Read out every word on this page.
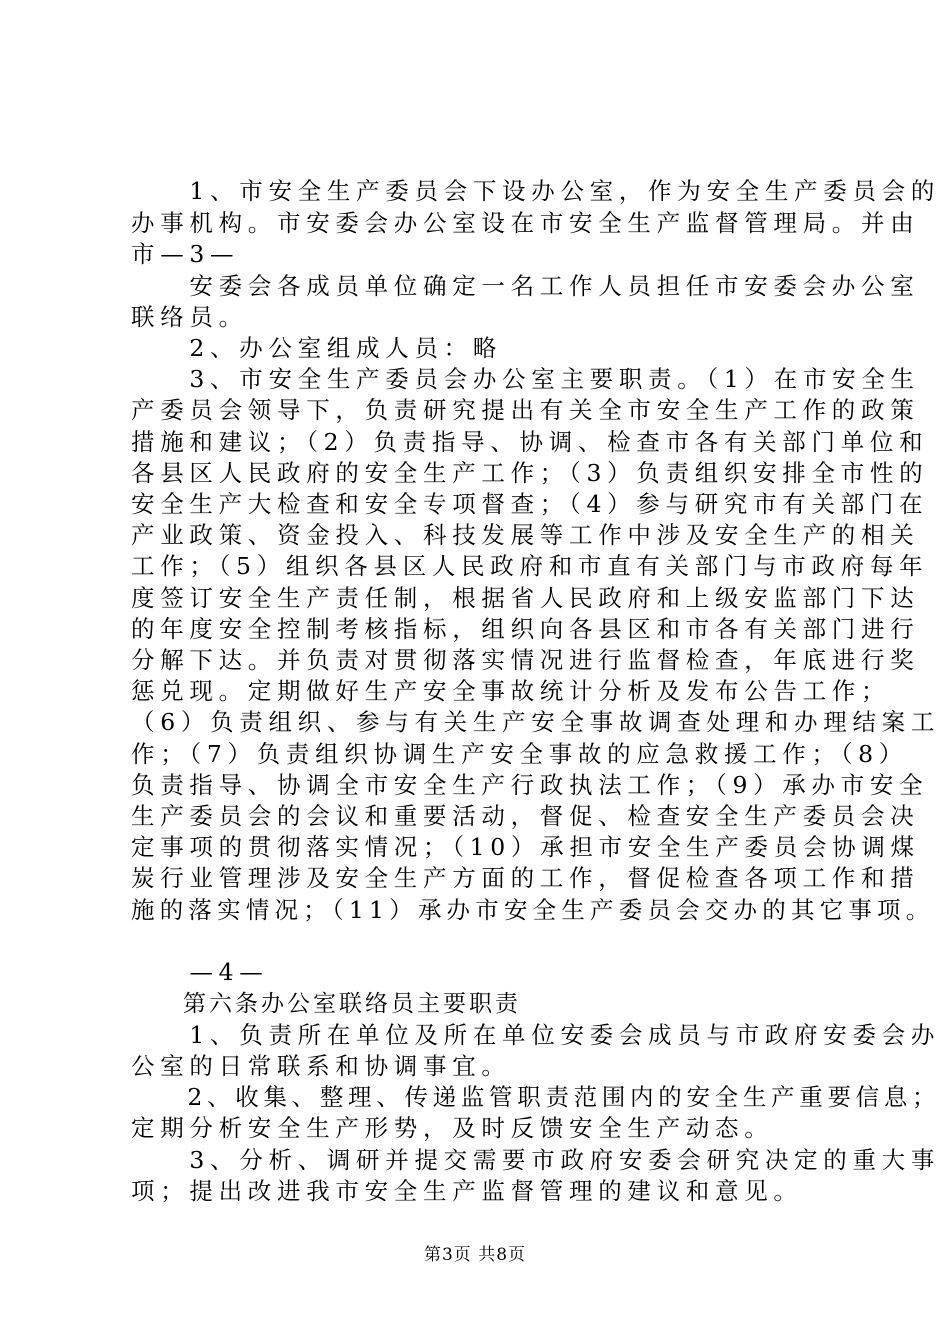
　　1、市安全生产委员会下设办公室，作为安全生产委员会的
办事机构。市安委会办公室设在市安全生产监督管理局。并由
市—3—
　　安委会各成员单位确定一名工作人员担任市安委会办公室
联络员。
　　2、办公室组成人员：略
　　3、市安全生产委员会办公室主要职责。（1）在市安全生
产委员会领导下，负责研究提出有关全市安全生产工作的政策
措施和建议；（2）负责指导、协调、检查市各有关部门单位和
各县区人民政府的安全生产工作；（3）负责组织安排全市性的
安全生产大检查和安全专项督查；（4）参与研究市有关部门在
产业政策、资金投入、科技发展等工作中涉及安全生产的相关
工作；（5）组织各县区人民政府和市直有关部门与市政府每年
度签订安全生产责任制，根据省人民政府和上级安监部门下达
的年度安全控制考核指标，组织向各县区和市各有关部门进行
分解下达。并负责对贯彻落实情况进行监督检查，年底进行奖
惩兑现。定期做好生产安全事故统计分析及发布公告工作；
（6）负责组织、参与有关生产安全事故调查处理和办理结案工
作；（7）负责组织协调生产安全事故的应急救援工作；（8）
负责指导、协调全市安全生产行政执法工作；（9）承办市安全
生产委员会的会议和重要活动，督促、检查安全生产委员会决
定事项的贯彻落实情况；（10）承担市安全生产委员会协调煤
炭行业管理涉及安全生产方面的工作，督促检查各项工作和措
施的落实情况；（11）承办市安全生产委员会交办的其它事项。
　　—4—
　　第六条办公室联络员主要职责
　　1、负责所在单位及所在单位安委会成员与市政府安委会办
公室的日常联系和协调事宜。
　　2、收集、整理、传递监管职责范围内的安全生产重要信息；
定期分析安全生产形势，及时反馈安全生产动态。
　　3、分析、调研并提交需要市政府安委会研究决定的重大事
项；提出改进我市安全生产监督管理的建议和意见。
第3页 共8页
